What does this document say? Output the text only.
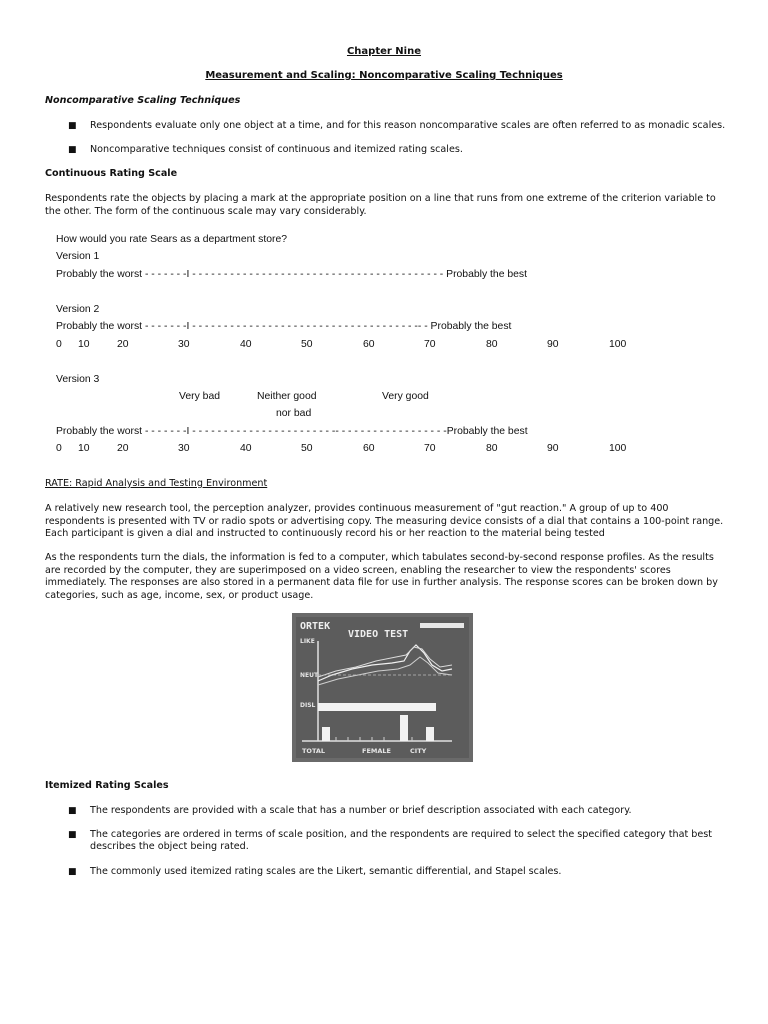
Chapter Nine
Measurement and Scaling: Noncomparative Scaling Techniques
Noncomparative Scaling Techniques
■	Respondents evaluate only one object at a time, and for this reason noncomparative scales are often referred to as monadic scales.
■	Noncomparative techniques consist of continuous and itemized rating scales.
Continuous Rating Scale
Respondents rate the objects by placing a mark at the appropriate position on a line that runs from one extreme of the criterion variable to the other. The form of the continuous scale may vary considerably.
How would you rate Sears as a department store?
Version 1
Probably the worst - - - - - - -I - - - - - - - - - - - - - - - - - - - - - - - - - - - - - - - - - - - - - - - - Probably the best
Version 2
Probably the worst - - - - - - -I - - - - - - - - - - - - - - - - - - - - - - - - - - - - - - - - - - - -- - Probably the best
0 10	20	30	40	50	60	70	80	90	100
Version 3
Very bad	Neither good
nor bad
Very good
Probably the worst - - - - - - -I - - - - - - - - - - - - - - - - - - - - - - -- - - - - - - - - - - - - - - - - -Probably the best
0 10	20	30	40	50	60	70	80	90	100
RATE: Rapid Analysis and Testing Environment
A relatively new research tool, the perception analyzer, provides continuous measurement of "gut reaction." A group of up to 400 respondents is presented with TV or radio spots or advertising copy. The measuring device consists of a dial that contains a 100-point range. Each participant is given a dial and instructed to continuously record his or her reaction to the material being tested
As the respondents turn the dials, the information is fed to a computer, which tabulates second-by-second response profiles. As the results are recorded by the computer, they are superimposed on a video screen, enabling the researcher to view the respondents' scores immediately. The responses are also stored in a permanent data file for use in further analysis. The response scores can be broken down by categories, such as age, income, sex, or product usage.
ORTEK
VIDEO TEST
LIKE
NEUT
DISL
TOTAL	FEMALE	CITY
Itemized Rating Scales
■	The respondents are provided with a scale that has a number or brief description associated with each category.
■	The categories are ordered in terms of scale position, and the respondents are required to select the specified category that best describes the object being rated.
■	The commonly used itemized rating scales are the Likert, semantic differential, and Stapel scales.
